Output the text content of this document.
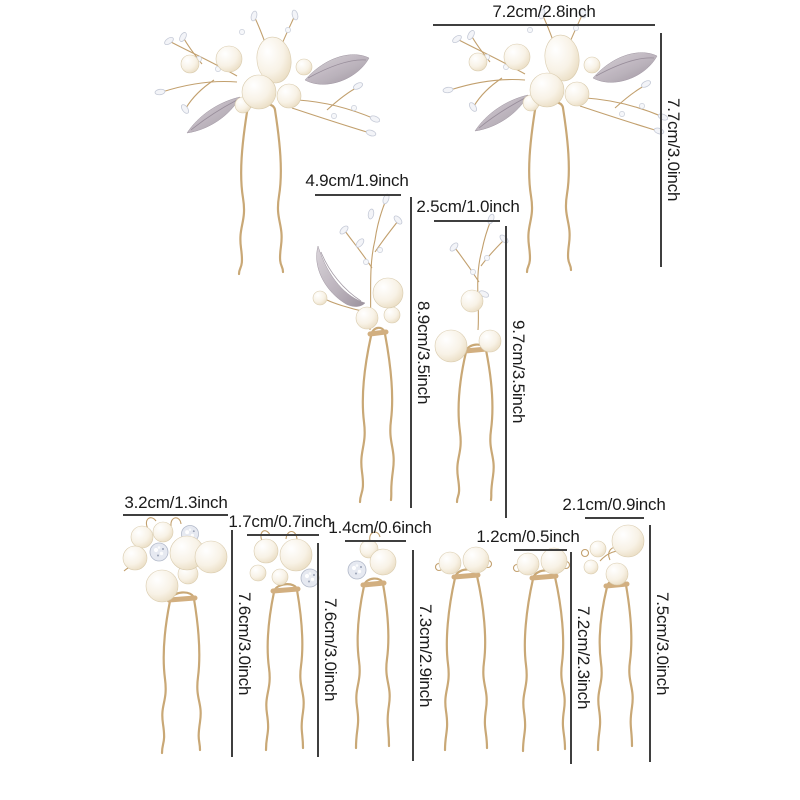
7.2cm/2.8inch
4.9cm/1.9inch
2.5cm/1.0inch
3.2cm/1.3inch
1.7cm/0.7inch
1.4cm/0.6inch	1.2cm/0.5inch
2.1cm/0.9inch
7.7cm/3.0inch
8.9cm/3.5inch	9.7cm/3.5inch
7.6cm/3.0inch	7.6cm/3.0inch	7.3cm/2.9inch	7.2cm/2.3inch	7.5cm/3.0inch
